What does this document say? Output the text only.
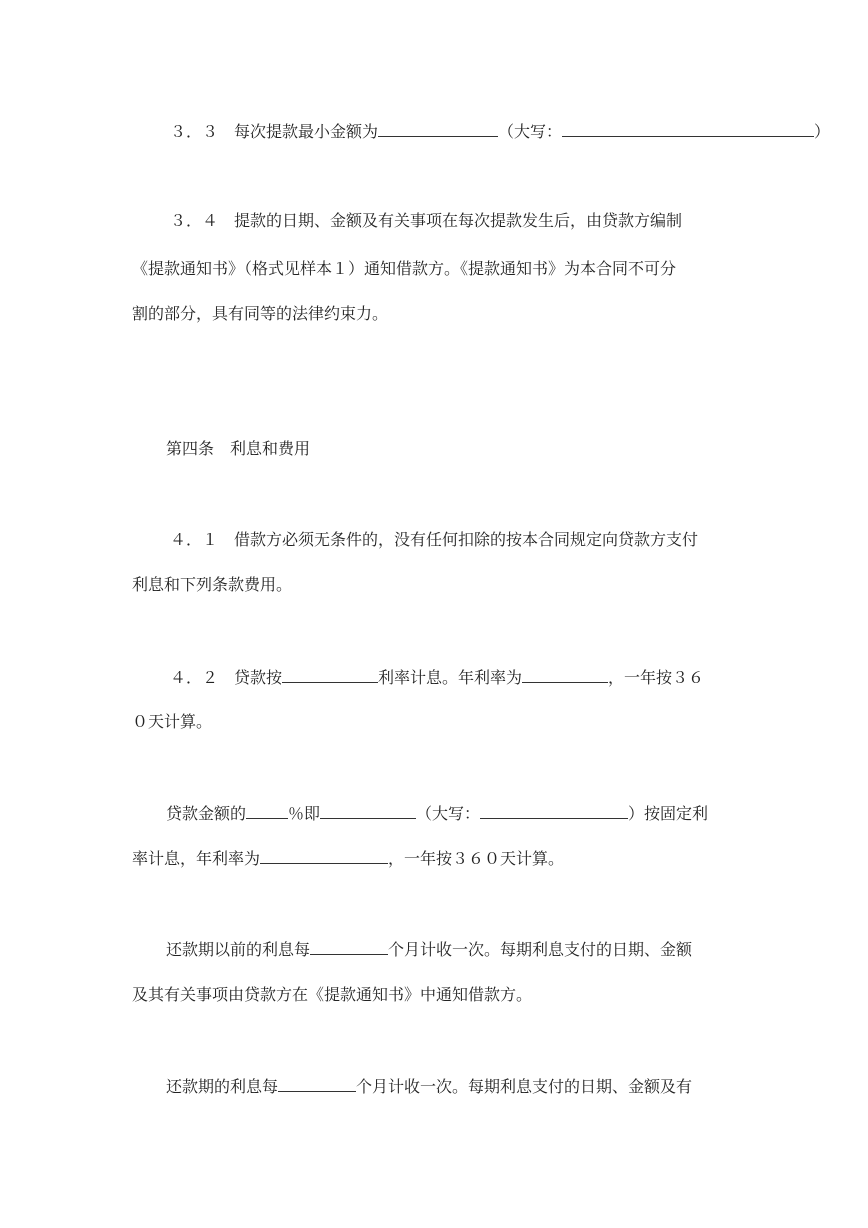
３．３　每次提款最小金额为	（大写：	）
３．４　提款的日期、金额及有关事项在每次提款发生后，由贷款方编制
《提款通知书》（格式见样本１）通知借款方。《提款通知书》为本合同不可分
割的部分，具有同等的法律约束力。
第四条　利息和费用
４．１　借款方必须无条件的，没有任何扣除的按本合同规定向贷款方支付
利息和下列条款费用。
４．２　贷款按	利率计息。年利率为	，一年按３６
０天计算。
贷款金额的	％即	（大写：	）按固定利
率计息，年利率为	，一年按３６０天计算。
还款期以前的利息每	个月计收一次。每期利息支付的日期、金额
及其有关事项由贷款方在《提款通知书》中通知借款方。
还款期的利息每	个月计收一次。每期利息支付的日期、金额及有
